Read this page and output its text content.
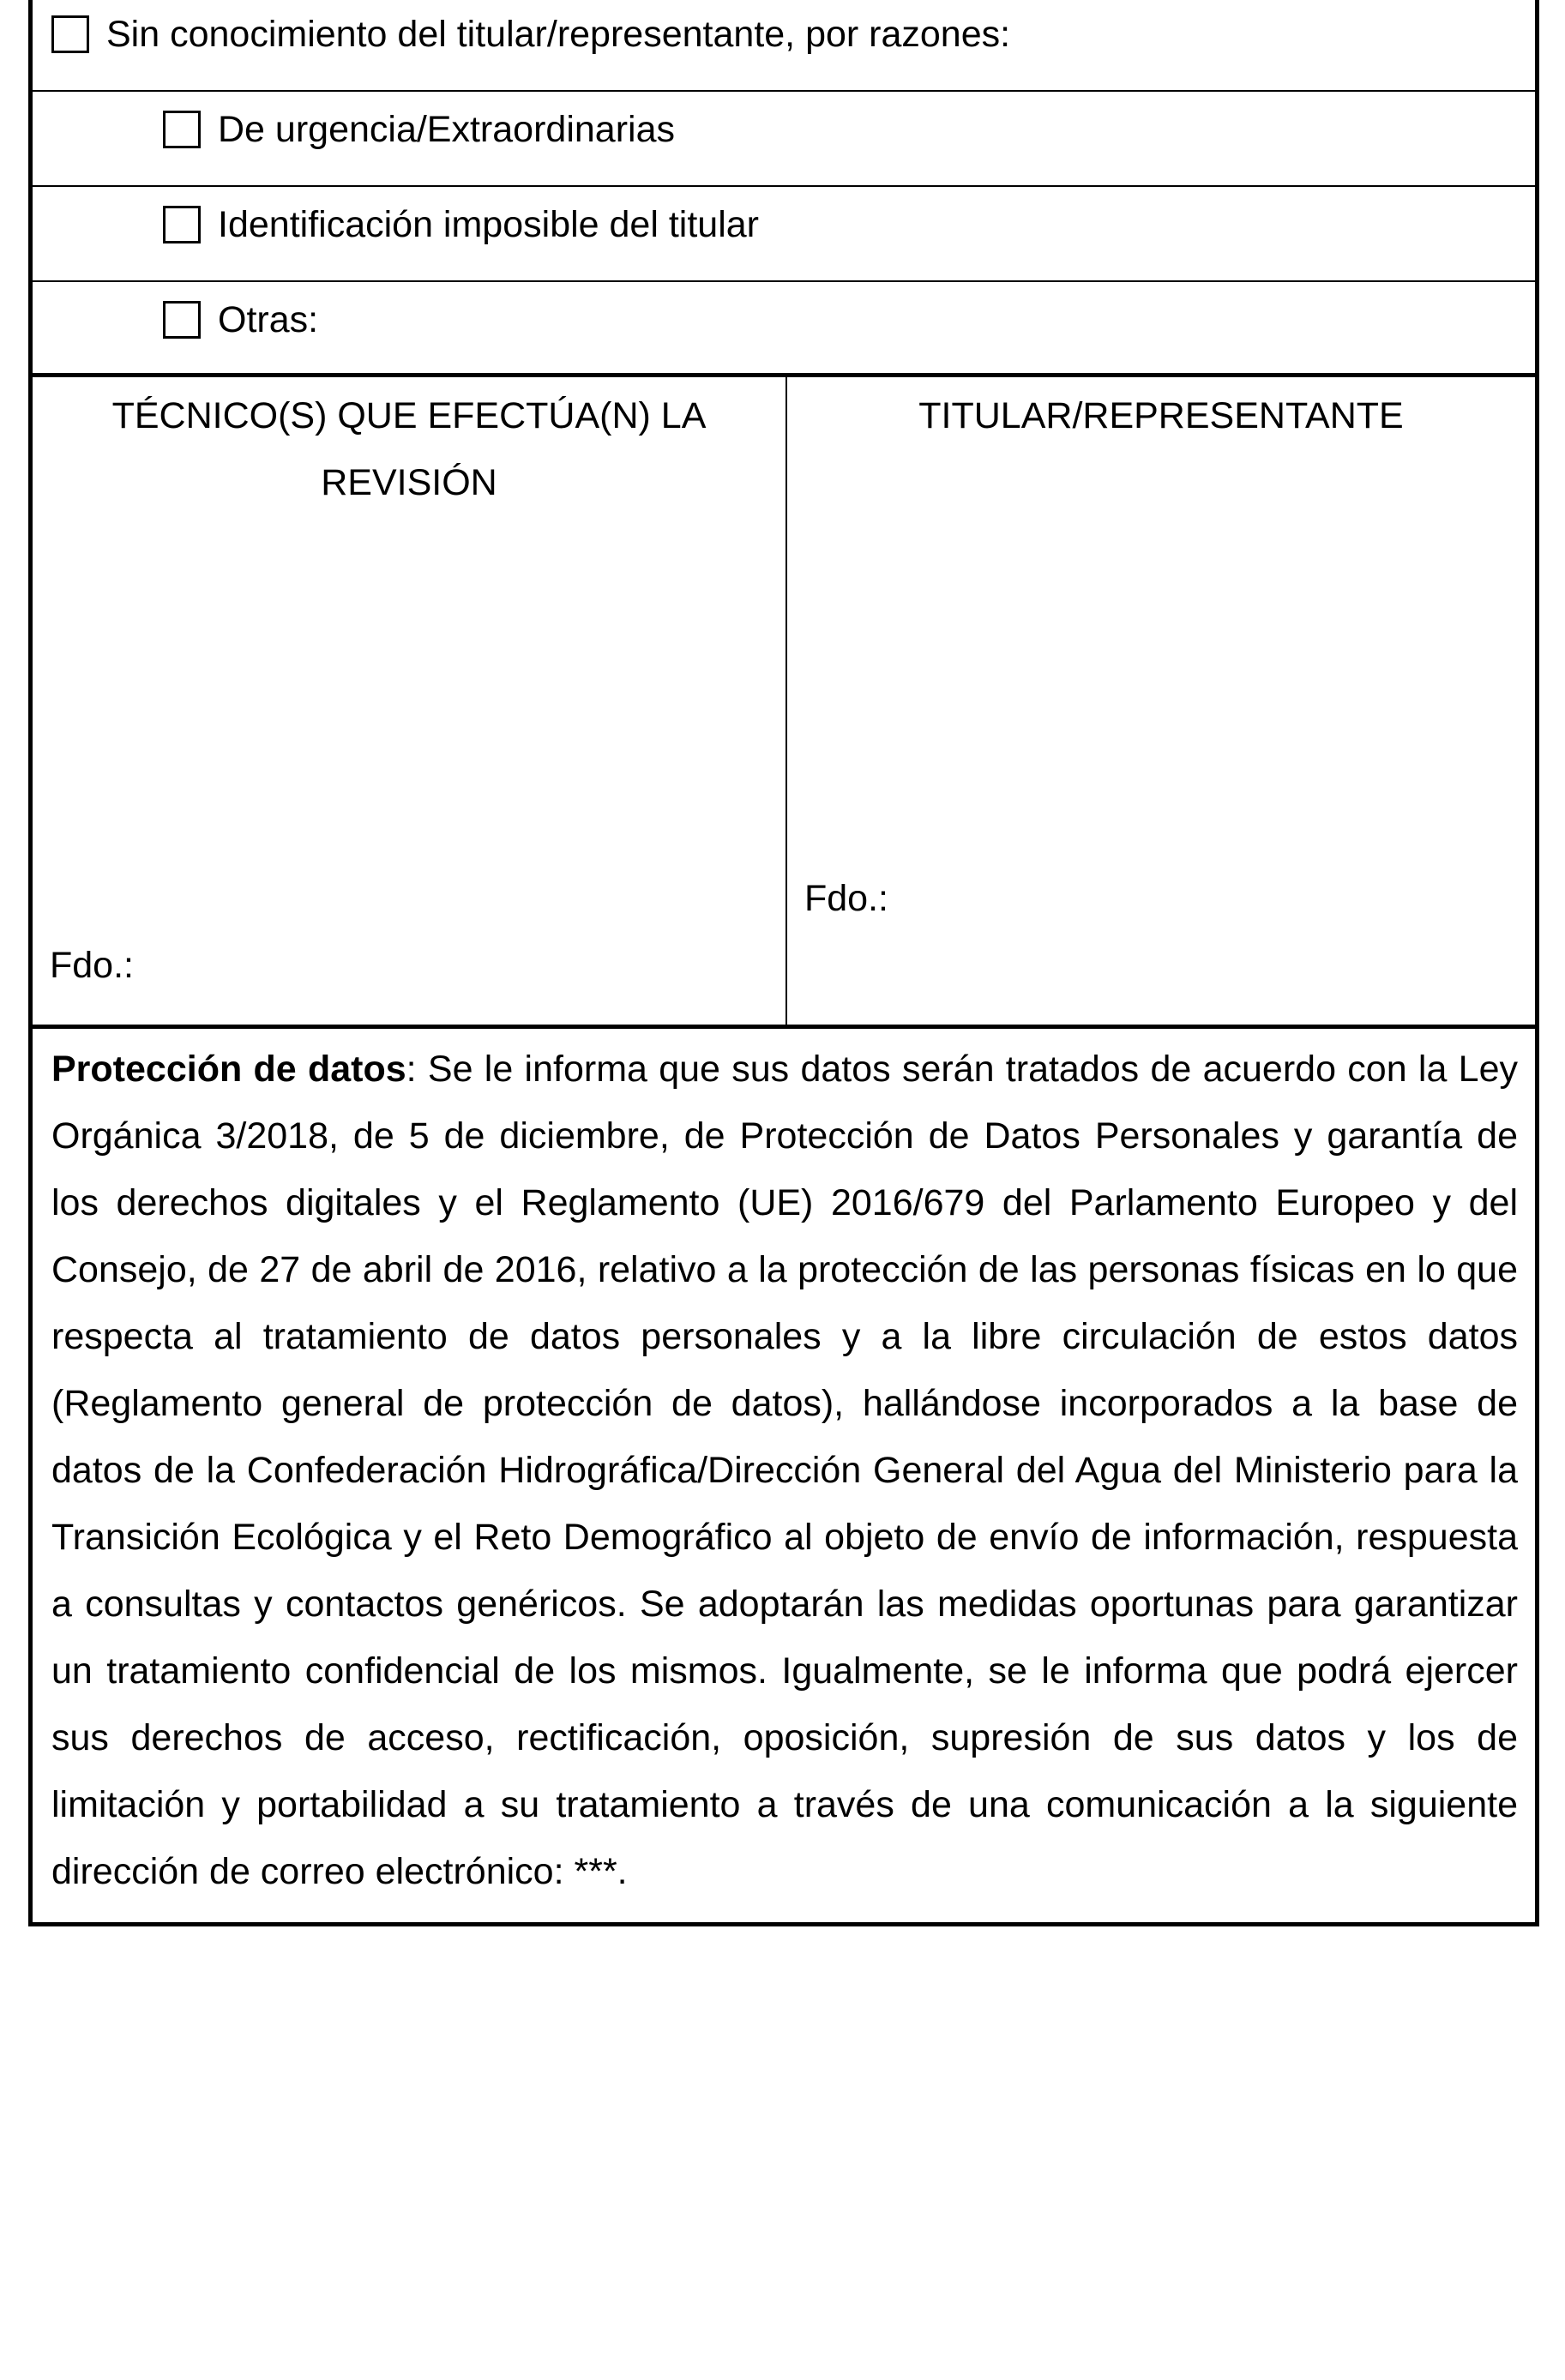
Sin conocimiento del titular/representante, por razones:
De urgencia/Extraordinarias
Identificación imposible del titular
Otras:
TÉCNICO(S) QUE EFECTÚA(N) LA REVISIÓN
Fdo.:
TITULAR/REPRESENTANTE
Fdo.:
Protección de datos: Se le informa que sus datos serán tratados de acuerdo con la Ley Orgánica 3/2018, de 5 de diciembre, de Protección de Datos Personales y garantía de los derechos digitales y el Reglamento (UE) 2016/679 del Parlamento Europeo y del Consejo, de 27 de abril de 2016, relativo a la protección de las personas físicas en lo que respecta al tratamiento de datos personales y a la libre circulación de estos datos (Reglamento general de protección de datos), hallándose incorporados a la base de datos de la Confederación Hidrográfica/Dirección General del Agua del Ministerio para la Transición Ecológica y el Reto Demográfico al objeto de envío de información, respuesta a consultas y contactos genéricos. Se adoptarán las medidas oportunas para garantizar un tratamiento confidencial de los mismos. Igualmente, se le informa que podrá ejercer sus derechos de acceso, rectificación, oposición, supresión de sus datos y los de limitación y portabilidad a su tratamiento a través de una comunicación a la siguiente dirección de correo electrónico: ***.
